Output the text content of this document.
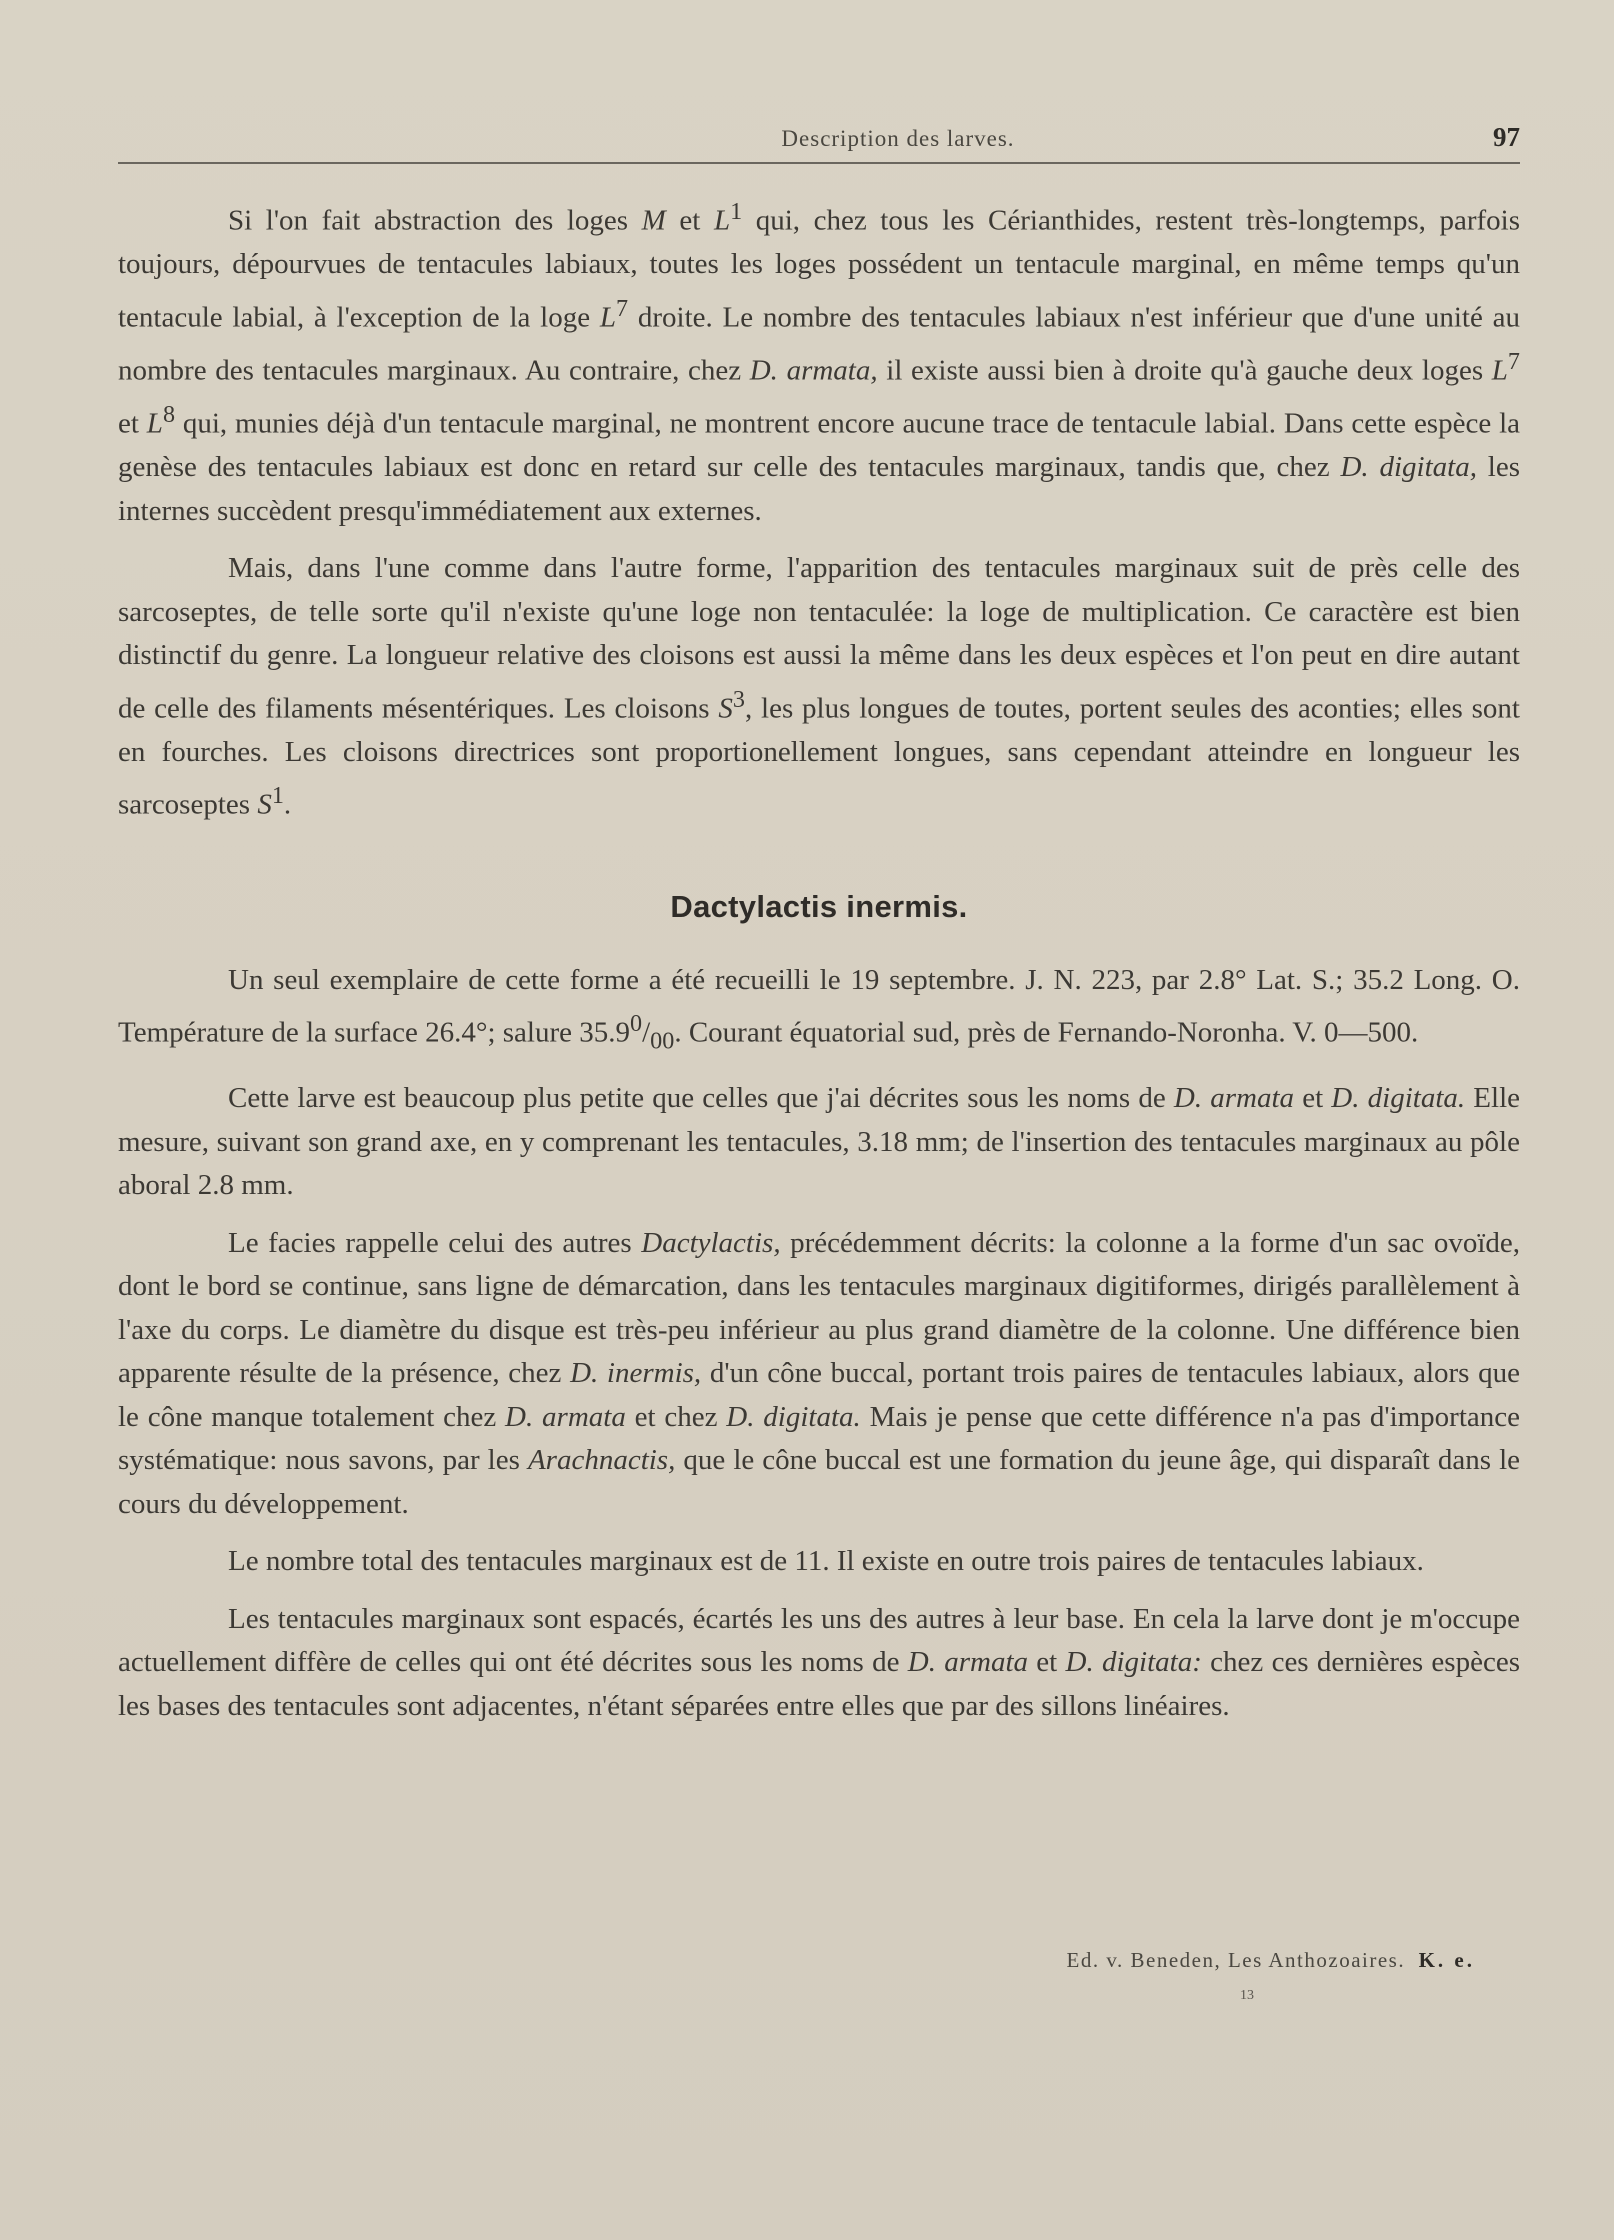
Description des larves.	97

Si l'on fait abstraction des loges M et $L^1$ qui, chez tous les Cérianthides, restent très-longtemps, parfois toujours, dépourvues de tentacules labiaux, toutes les loges possédent un tentacule marginal, en même temps qu'un tentacule labial, à l'exception de la loge $L^7$ droite. Le nombre des tentacules labiaux n'est inférieur que d'une unité au nombre des tentacules marginaux. Au contraire, chez D. armata, il existe aussi bien à droite qu'à gauche deux loges $L^7$ et $L^8$ qui, munies déjà d'un tentacule marginal, ne montrent encore aucune trace de tentacule labial. Dans cette espèce la genèse des tentacules labiaux est donc en retard sur celle des tentacules marginaux, tandis que, chez D. digitata, les internes succèdent presqu'immédiatement aux externes.

Mais, dans l'une comme dans l'autre forme, l'apparition des tentacules marginaux suit de près celle des sarcoseptes, de telle sorte qu'il n'existe qu'une loge non tentaculée: la loge de multiplication. Ce caractère est bien distinctif du genre. La longueur relative des cloisons est aussi la même dans les deux espèces et l'on peut en dire autant de celle des filaments mésentériques. Les cloisons $S^3$, les plus longues de toutes, portent seules des aconties; elles sont en fourches. Les cloisons directrices sont proportionellement longues, sans cependant atteindre en longueur les sarcoseptes $S^1$.

Dactylactis inermis.

Un seul exemplaire de cette forme a été recueilli le 19 septembre. J. N. 223, par 2.8° Lat. S.; 35.2 Long. O. Température de la surface 26.4°; salure $35.9^0/_{00}$. Courant équatorial sud, près de Fernando-Noronha. V. 0—500.

Cette larve est beaucoup plus petite que celles que j'ai décrites sous les noms de D. armata et D. digitata. Elle mesure, suivant son grand axe, en y comprenant les tentacules, 3.18 mm; de l'insertion des tentacules marginaux au pôle aboral 2.8 mm.

Le facies rappelle celui des autres Dactylactis, précédemment décrits: la colonne a la forme d'un sac ovoïde, dont le bord se continue, sans ligne de démarcation, dans les tentacules marginaux digitiformes, dirigés parallèlement à l'axe du corps. Le diamètre du disque est très-peu inférieur au plus grand diamètre de la colonne. Une différence bien apparente résulte de la présence, chez D. inermis, d'un cône buccal, portant trois paires de tentacules labiaux, alors que le cône manque totalement chez D. armata et chez D. digitata. Mais je pense que cette différence n'a pas d'importance systématique: nous savons, par les Arachnactis, que le cône buccal est une formation du jeune âge, qui disparaît dans le cours du développement.

Le nombre total des tentacules marginaux est de 11. Il existe en outre trois paires de tentacules labiaux.

Les tentacules marginaux sont espacés, écartés les uns des autres à leur base. En cela la larve dont je m'occupe actuellement diffère de celles qui ont été décrites sous les noms de D. armata et D. digitata: chez ces dernières espèces les bases des tentacules sont adjacentes, n'étant séparées entre elles que par des sillons linéaires.

Ed. v. Beneden, Les Anthozoaires. K. e.
13
